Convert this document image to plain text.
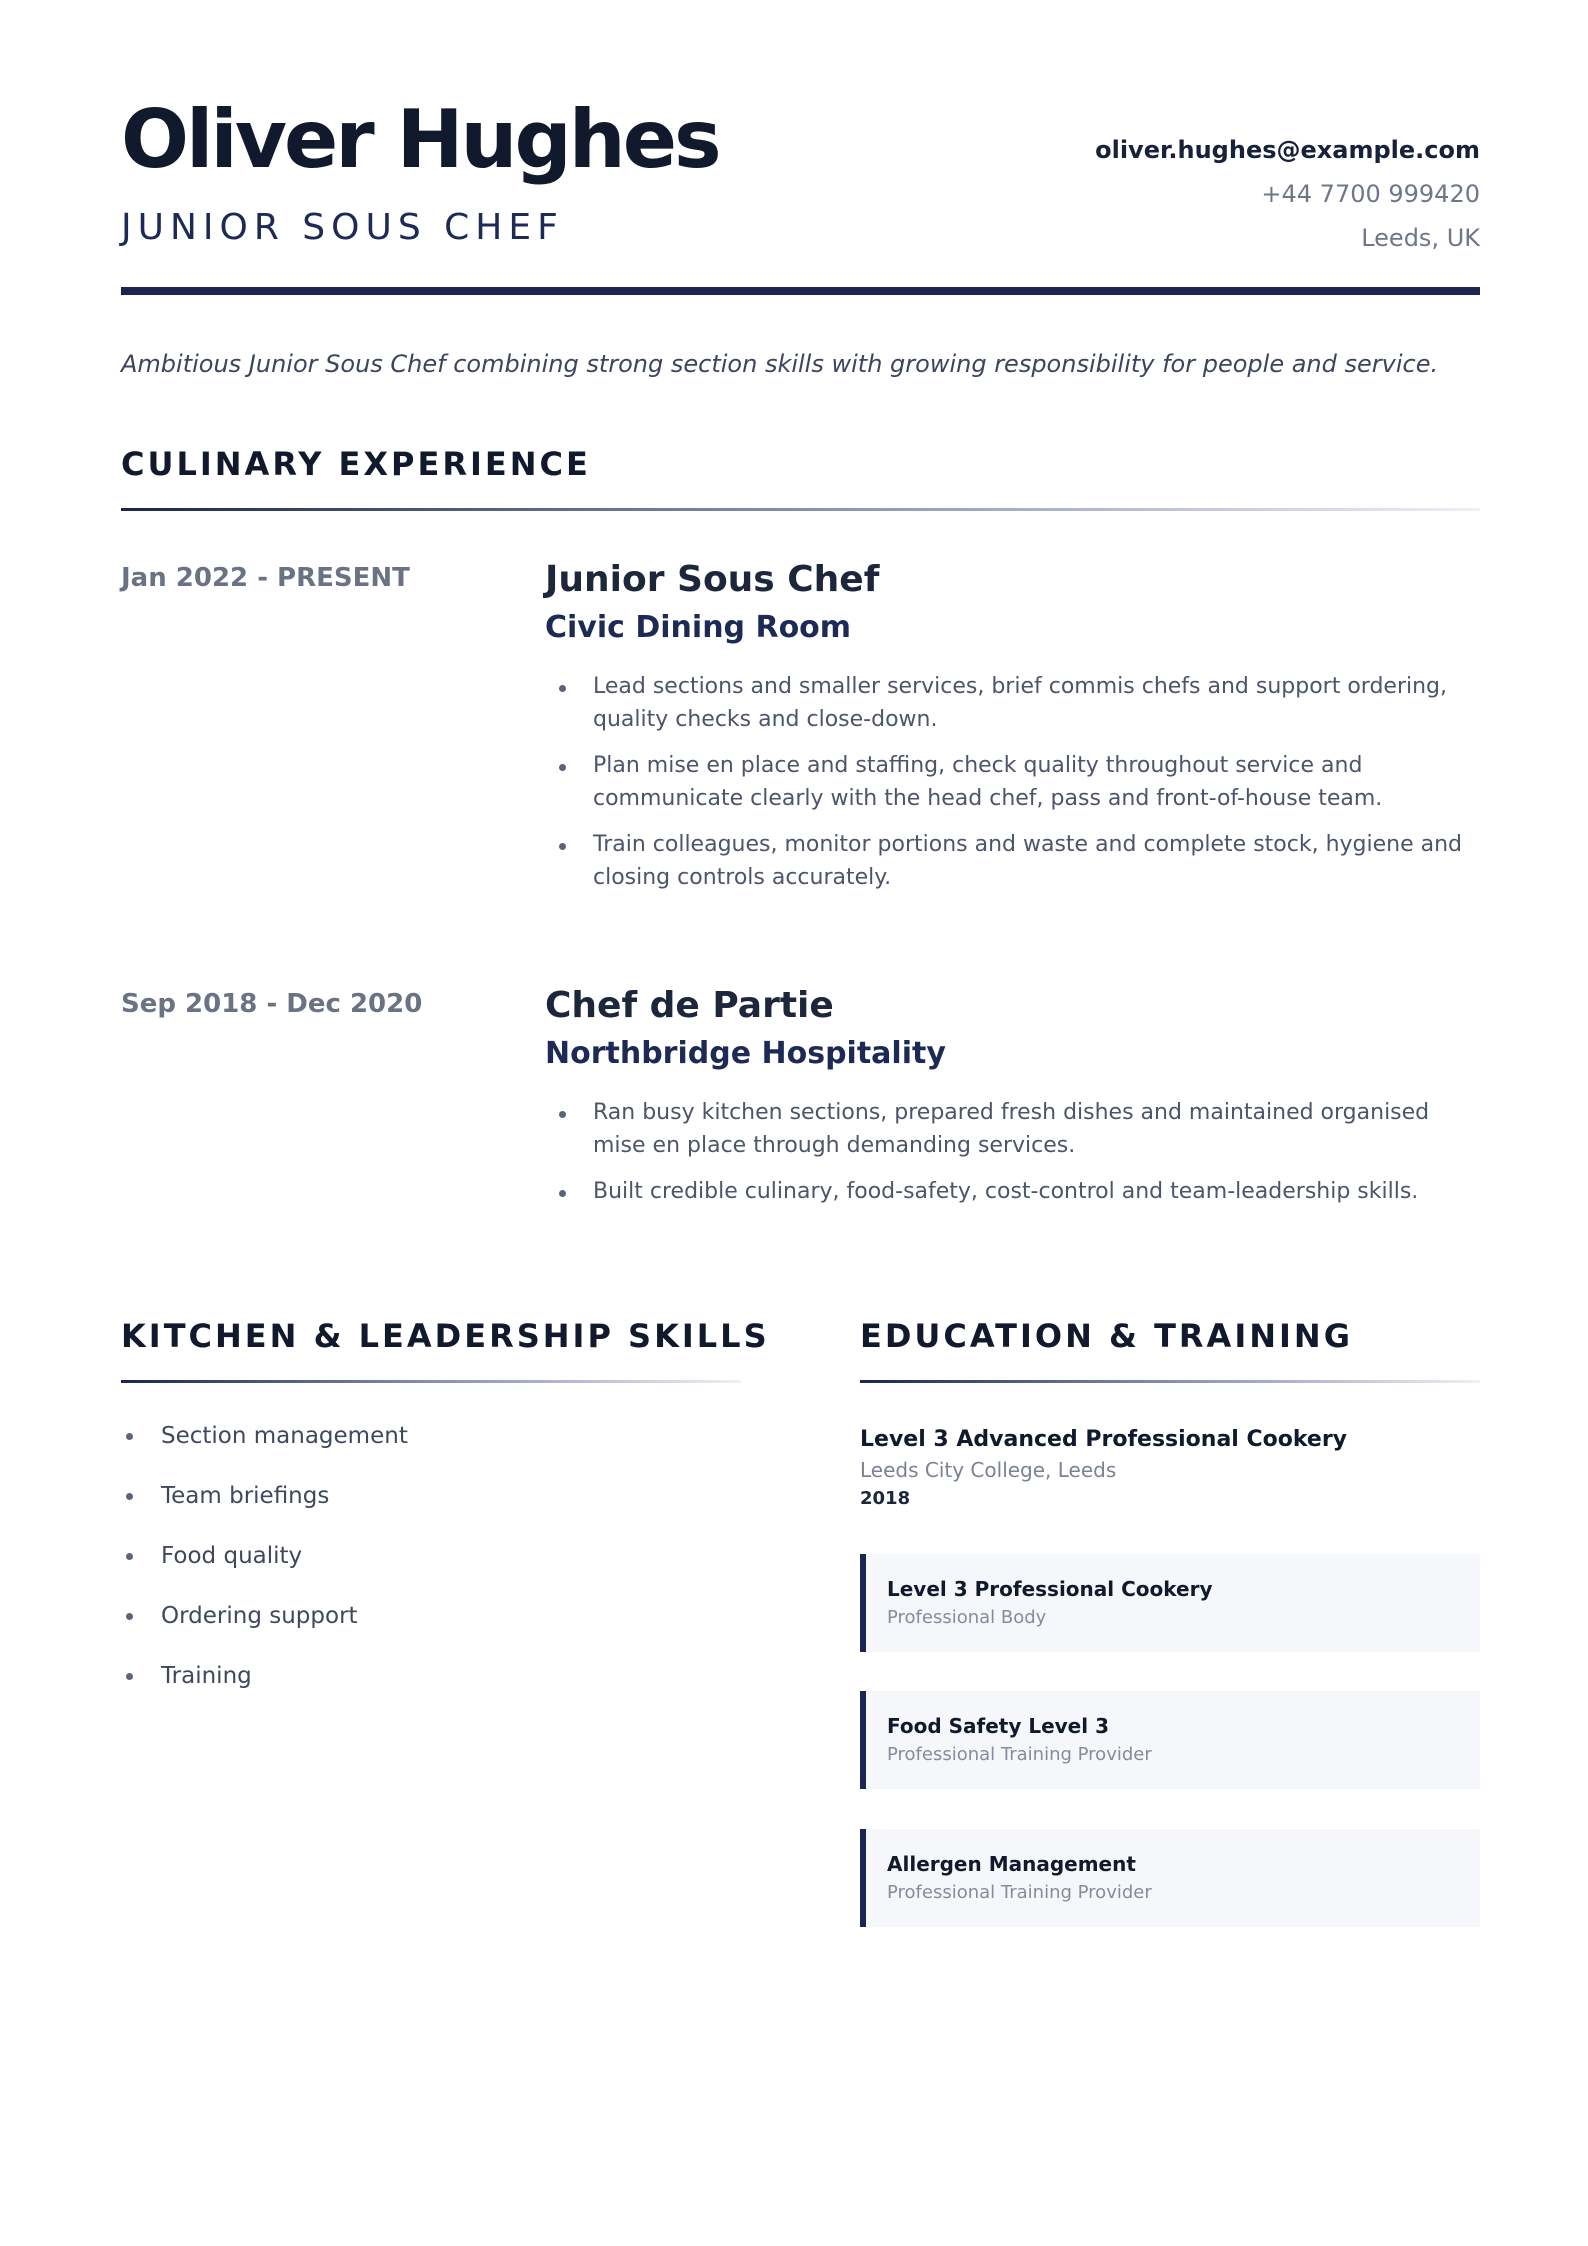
Oliver Hughes
JUNIOR SOUS CHEF
oliver.hughes@example.com
+44 7700 999420
Leeds, UK
Ambitious Junior Sous Chef combining strong section skills with growing responsibility for people and service.
CULINARY EXPERIENCE
Jan 2022 - PRESENT	Junior Sous Chef
Civic Dining Room
Lead sections and smaller services, brief commis chefs and support ordering, quality checks and close-down.
Plan mise en place and staffing, check quality throughout service and communicate clearly with the head chef, pass and front-of-house team.
Train colleagues, monitor portions and waste and complete stock, hygiene and closing controls accurately.
Sep 2018 - Dec 2020	Chef de Partie
Northbridge Hospitality
Ran busy kitchen sections, prepared fresh dishes and maintained organised mise en place through demanding services.
Built credible culinary, food-safety, cost-control and team-leadership skills.
KITCHEN & LEADERSHIP SKILLS
Section management
Team briefings
Food quality
Ordering support
Training
EDUCATION & TRAINING
Level 3 Advanced Professional Cookery
Leeds City College, Leeds
2018
Level 3 Professional Cookery
Professional Body
Food Safety Level 3
Professional Training Provider
Allergen Management
Professional Training Provider
